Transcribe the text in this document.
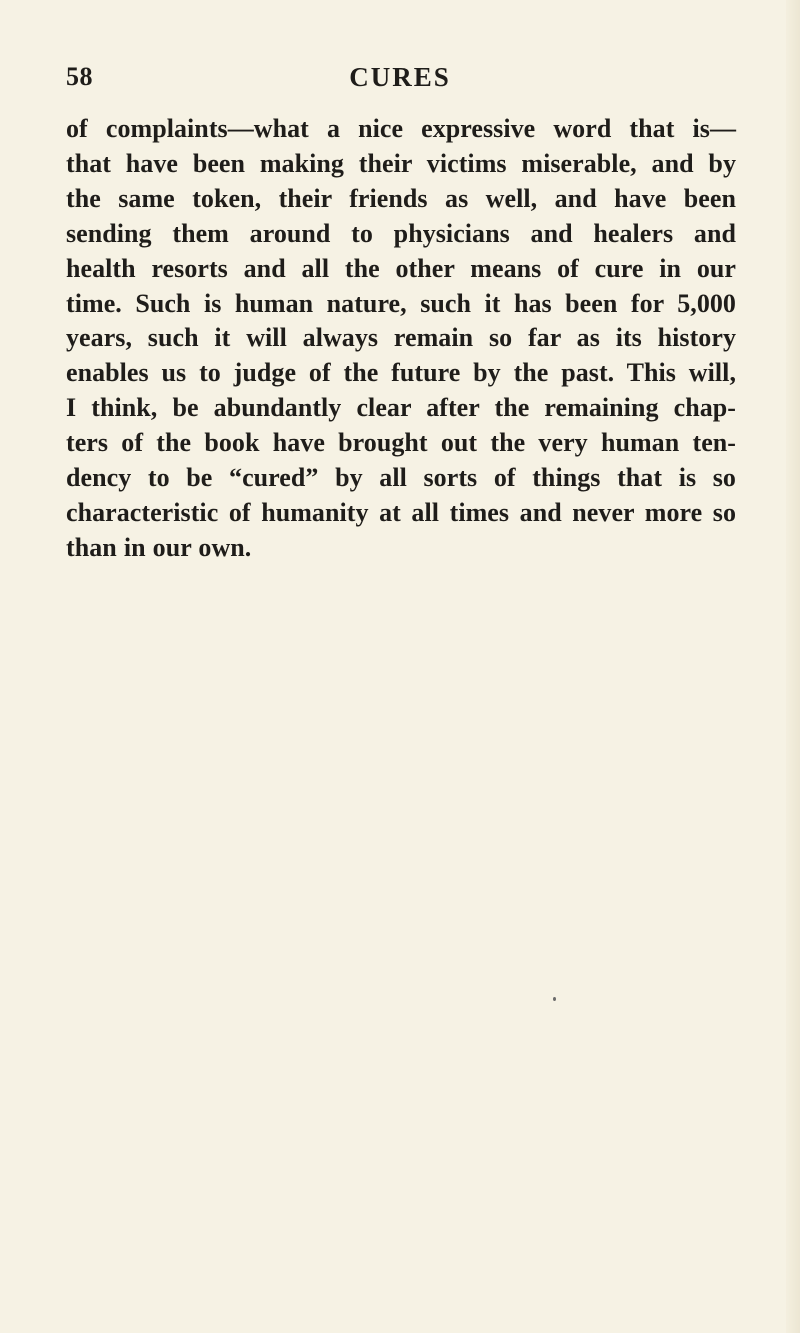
58	CURES
of complaints—what a nice expressive word that is—
that have been making their victims miserable, and by
the same token, their friends as well, and have been
sending them around to physicians and healers and
health resorts and all the other means of cure in our
time. Such is human nature, such it has been for 5,000
years, such it will always remain so far as its history
enables us to judge of the future by the past. This will,
I think, be abundantly clear after the remaining chap-
ters of the book have brought out the very human ten-
dency to be “cured” by all sorts of things that is so
characteristic of humanity at all times and never more so
than in our own.
